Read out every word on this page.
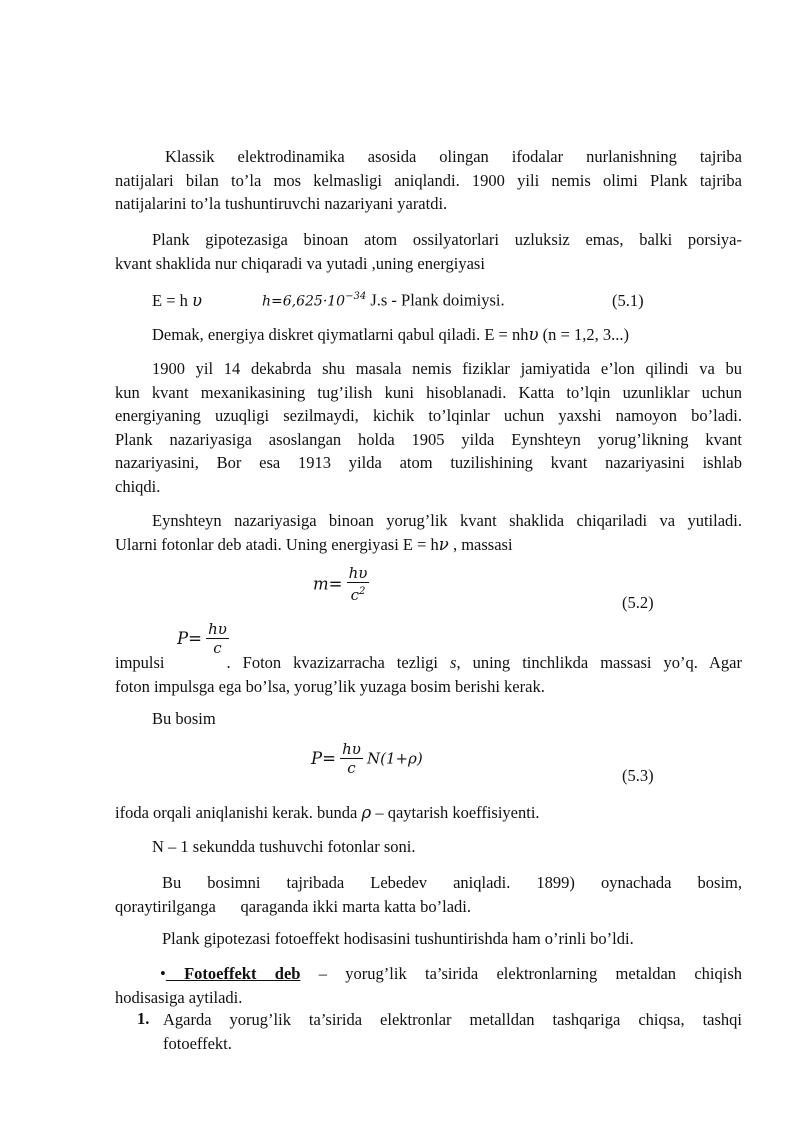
Klassik elektrodinamika asosida olingan ifodalar nurlanishning tajriba
natijalari bilan to’la mos kelmasligi aniqlandi. 1900 yili nemis olimi Plank tajriba
natijalarini to’la tushuntiruvchi nazariyani yaratdi.
Plank gipotezasiga binoan atom ossilyatorlari uzluksiz emas, balki porsiya-
kvant shaklida nur chiqaradi va yutadi ,uning energiyasi
E = h υ	$h=6,625\cdot 10^{-34}$ J.s - Plank doimiysi.	(5.1)
Demak, energiya diskret qiymatlarni qabul qiladi. E = nhυ (n = 1,2, 3...)
1900 yil 14 dekabrda shu masala nemis fiziklar jamiyatida e’lon qilindi va bu
kun kvant mexanikasining tug’ilish kuni hisoblanadi. Katta to’lqin uzunliklar uchun
energiyaning uzuqligi sezilmaydi, kichik to’lqinlar uchun yaxshi namoyon bo’ladi.
Plank nazariyasiga asoslangan holda 1905 yilda Eynshteyn yorug’likning kvant
nazariyasini, Bor esa 1913 yilda atom tuzilishining kvant nazariyasini ishlab
chiqdi.
Eynshteyn nazariyasiga binoan yorug’lik kvant shaklida chiqariladi va yutiladi.
Ularni fotonlar deb atadi. Uning energiyasi E = hν , massasi
$m= \frac{h\upsilon}{c^2}$	(5.2)
$P= \frac{h\upsilon}{c}$
impulsi	. Foton kvazizarracha tezligi s, uning tinchlikda massasi yo’q. Agar
foton impulsga ega bo’lsa, yorug’lik yuzaga bosim berishi kerak.
Bu bosim
$P= \frac{h\upsilon}{c} N(1+\rho)$
(5.3)
ifoda orqali aniqlanishi kerak. bunda ρ – qaytarish koeffisiyenti.
N – 1 sekundda tushuvchi fotonlar soni.
Bu bosimni tajribada Lebedev aniqladi. 1899) oynachada bosim,
qoraytirilganga      qaraganda ikki marta katta bo’ladi.
Plank gipotezasi fotoeffekt hodisasini tushuntirishda ham o’rinli bo’ldi.
• Fotoeffekt deb – yorug’lik ta’sirida elektronlarning metaldan chiqish
hodisasiga aytiladi.
1. Agarda yorug’lik ta’sirida elektronlar metalldan tashqariga chiqsa, tashqi
fotoeffekt.
